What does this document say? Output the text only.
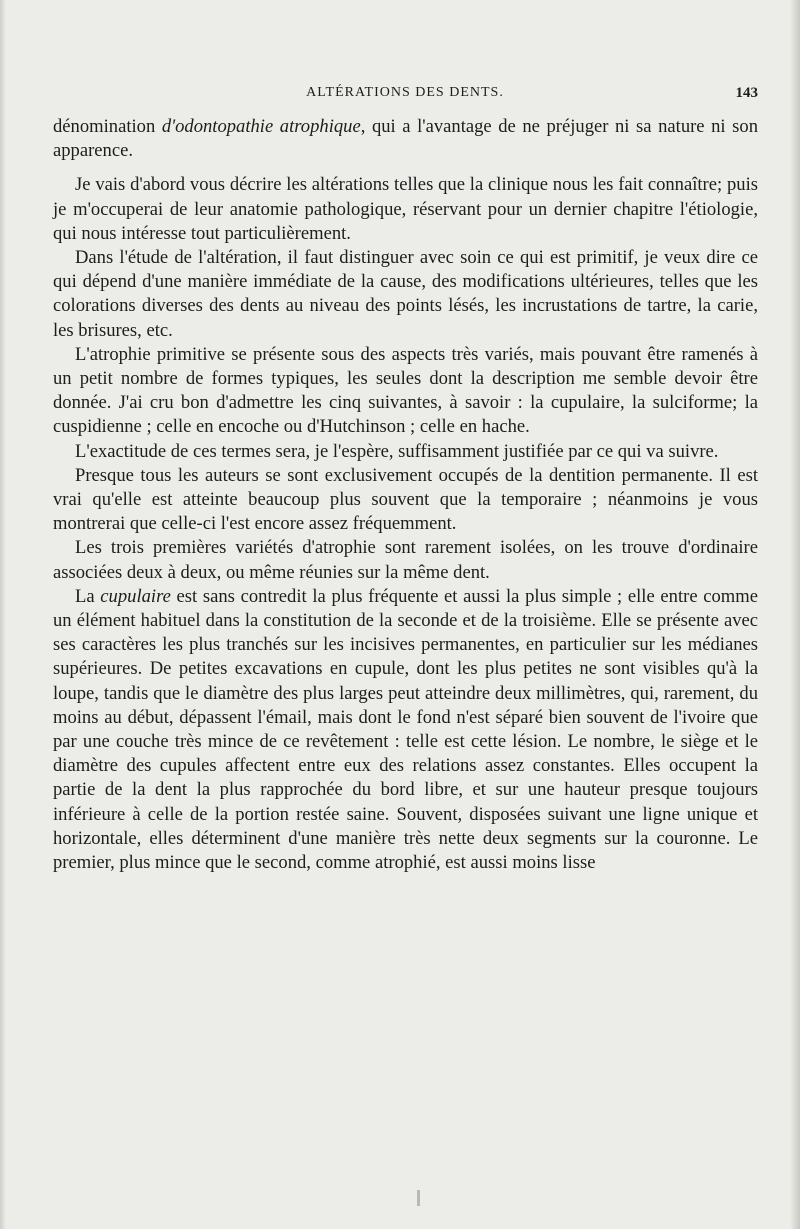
ALTÉRATIONS DES DENTS.	143

dénomination d'odontopathie atrophique, qui a l'avantage de ne préjuger ni sa nature ni son apparence.

Je vais d'abord vous décrire les altérations telles que la clinique nous les fait connaître; puis je m'occuperai de leur anatomie pathologique, réservant pour un dernier chapitre l'étiologie, qui nous intéresse tout particulièrement.

Dans l'étude de l'altération, il faut distinguer avec soin ce qui est primitif, je veux dire ce qui dépend d'une manière immédiate de la cause, des modifications ultérieures, telles que les colorations diverses des dents au niveau des points lésés, les incrustations de tartre, la carie, les brisures, etc.

L'atrophie primitive se présente sous des aspects très variés, mais pouvant être ramenés à un petit nombre de formes typiques, les seules dont la description me semble devoir être donnée. J'ai cru bon d'admettre les cinq suivantes, à savoir : la cupulaire, la sulciforme; la cuspidienne ; celle en encoche ou d'Hutchinson ; celle en hache.

L'exactitude de ces termes sera, je l'espère, suffisamment justifiée par ce qui va suivre.

Presque tous les auteurs se sont exclusivement occupés de la dentition permanente. Il est vrai qu'elle est atteinte beaucoup plus souvent que la temporaire ; néanmoins je vous montrerai que celle-ci l'est encore assez fréquemment.

Les trois premières variétés d'atrophie sont rarement isolées, on les trouve d'ordinaire associées deux à deux, ou même réunies sur la même dent.

La cupulaire est sans contredit la plus fréquente et aussi la plus simple ; elle entre comme un élément habituel dans la constitution de la seconde et de la troisième. Elle se présente avec ses caractères les plus tranchés sur les incisives permanentes, en particulier sur les médianes supérieures. De petites excavations en cupule, dont les plus petites ne sont visibles qu'à la loupe, tandis que le diamètre des plus larges peut atteindre deux millimètres, qui, rarement, du moins au début, dépassent l'émail, mais dont le fond n'est séparé bien souvent de l'ivoire que par une couche très mince de ce revêtement : telle est cette lésion. Le nombre, le siège et le diamètre des cupules affectent entre eux des relations assez constantes. Elles occupent la partie de la dent la plus rapprochée du bord libre, et sur une hauteur presque toujours inférieure à celle de la portion restée saine. Souvent, disposées suivant une ligne unique et horizontale, elles déterminent d'une manière très nette deux segments sur la couronne. Le premier, plus mince que le second, comme atrophié, est aussi moins lisse
